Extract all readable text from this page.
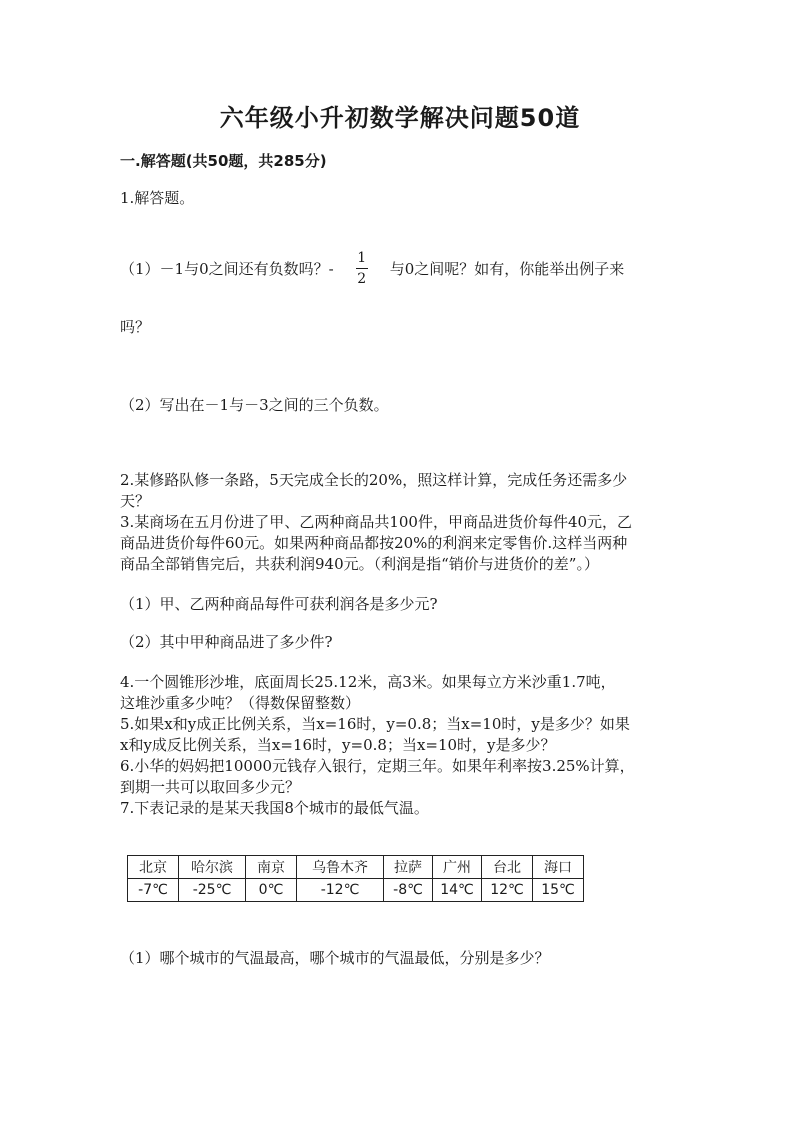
六年级小升初数学解决问题50道
一.解答题(共50题，共285分)
1.解答题。
（1）－1与0之间还有负数吗？- $\frac{1}{2}$ 与0之间呢？如有，你能举出例子来
吗？
（2）写出在－1与－3之间的三个负数。
2.某修路队修一条路，5天完成全长的20%，照这样计算，完成任务还需多少
天？
3.某商场在五月份进了甲、乙两种商品共100件，甲商品进货价每件40元，乙
商品进货价每件60元。如果两种商品都按20%的利润来定零售价.这样当两种
商品全部销售完后，共获利润940元。（利润是指“销价与进货价的差”。）
（1）甲、乙两种商品每件可获利润各是多少元?
（2）其中甲种商品进了多少件?
4.一个圆锥形沙堆，底面周长25.12米，高3米。如果每立方米沙重1.7吨，
这堆沙重多少吨？（得数保留整数）
5.如果x和y成正比例关系，当x=16时，y=0.8；当x=10时，y是多少？如果
x和y成反比例关系，当x=16时，y=0.8；当x=10时，y是多少？
6.小华的妈妈把10000元钱存入银行，定期三年。如果年利率按3.25%计算，
到期一共可以取回多少元？
7.下表记录的是某天我国8个城市的最低气温。
北京	哈尔滨	南京	乌鲁木齐	拉萨	广州	台北	海口
-7℃	-25℃	0℃	-12℃	-8℃	14℃	12℃	15℃
（1）哪个城市的气温最高，哪个城市的气温最低，分别是多少？
